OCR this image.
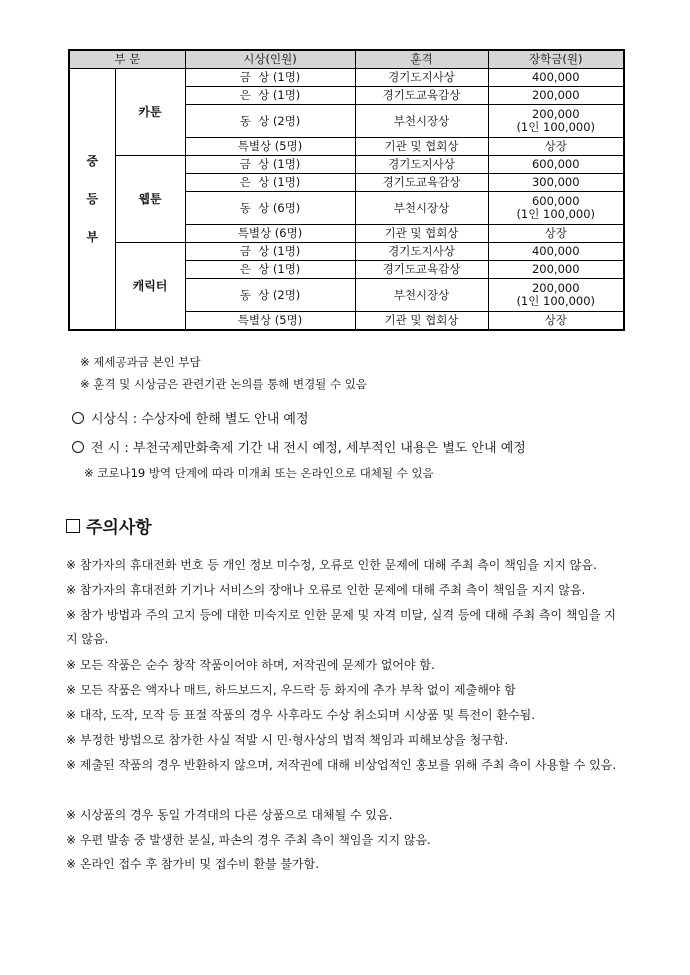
부 문		시상(인원)	훈격	장학금(원)
중
등
부	카툰	금  상 (1명)	경기도지사상	400,000

		은  상 (1명)	경기도교육감상	200,000

		동  상 (2명)	부천시장상	200,000
(1인 100,000)

		특별상 (5명)	기관 및 협회상	상장

	웹툰	금  상 (1명)	경기도지사상	600,000

		은  상 (1명)	경기도교육감상	300,000

		동  상 (6명)	부천시장상	600,000
(1인 100,000)

		특별상 (6명)	기관 및 협회상	상장

	캐릭터	금  상 (1명)	경기도지사상	400,000

		은  상 (1명)	경기도교육감상	200,000

		동  상 (2명)	부천시장상	200,000
(1인 100,000)

		특별상 (5명)	기관 및 협회상	상장
※ 제세공과금 본인 부담
※ 훈격 및 시상금은 관련기관 논의를 통해 변경될 수 있음
시상식 : 수상자에 한해 별도 안내 예정
전 시 : 부천국제만화축제 기간 내 전시 예정, 세부적인 내용은 별도 안내 예정
※ 코로나19 방역 단계에 따라 미개최 또는 온라인으로 대체될 수 있음
주의사항
※ 참가자의 휴대전화 번호 등 개인 정보 미수정, 오류로 인한 문제에 대해 주최 측이 책임을 지지 않음.
※ 참가자의 휴대전화 기기나 서비스의 장애나 오류로 인한 문제에 대해 주최 측이 책임을 지지 않음.
※ 참가 방법과 주의 고지 등에 대한 미숙지로 인한 문제 및 자격 미달, 실격 등에 대해 주최 측이 책임을 지지 않음.
※ 모든 작품은 순수 창작 작품이어야 하며, 저작권에 문제가 없어야 함.
※ 모든 작품은 액자나 매트, 하드보드지, 우드락 등 화지에 추가 부착 없이 제출해야 함
※ 대작, 도작, 모작 등 표절 작품의 경우 사후라도 수상 취소되며 시상품 및 특전이 환수됨.
※ 부정한 방법으로 참가한 사실 적발 시 민·형사상의 법적 책임과 피해보상을 청구함.
※ 제출된 작품의 경우 반환하지 않으며, 저작권에 대해 비상업적인 홍보를 위해 주최 측이 사용할 수 있음.
※ 시상품의 경우 동일 가격대의 다른 상품으로 대체될 수 있음.
※ 우편 발송 중 발생한 분실, 파손의 경우 주최 측이 책임을 지지 않음.
※ 온라인 접수 후 참가비 및 접수비 환불 불가함.
